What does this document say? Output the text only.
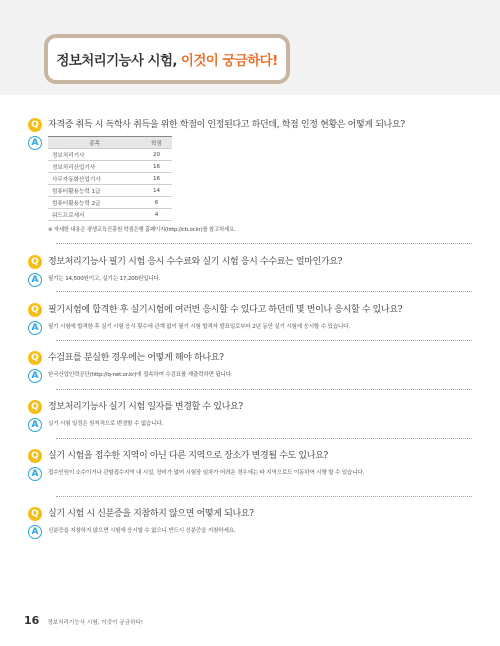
정보처리기능사 시험, 이것이 궁금하다!
Q	자격증 취득 시 독학사 취득을 위한 학점이 인정된다고 하던데, 학점 인정 현황은 어떻게 되나요?
A	종목	학점
정보처리기사	20
정보처리산업기사	16
사무자동화산업기사	16
컴퓨터활용능력 1급	14
컴퓨터활용능력 2급	6
워드프로세서	4
※ 자세한 내용은 평생교육진흥원 학점은행 홈페이지(http://cb.or.kr)를 참고하세요.
Q	정보처리기능사 필기 시험 응시 수수료와 실기 시험 응시 수수료는 얼마인가요?
A	필기는 14,500원이고, 실기는 17,200원입니다.
Q	필기시험에 합격한 후 실기시험에 여러번 응시할 수 있다고 하던데 몇 번이나 응시할 수 있나요?
A	필기 시험에 합격한 후 실기 시험 응시 횟수에 관계 없이 필기 시험 합격자 발표일로부터 2년 동안 실기 시험에 응시할 수 있습니다.
Q	수검표를 분실한 경우에는 어떻게 해야 하나요?
A	한국산업인력공단(http://q-net.or.kr)에 접속하여 수검표를 재출력하면 됩니다.
Q	정보처리기능사 실기 시험 일자를 변경할 수 있나요?
A	실기 시험 일정은 원칙적으로 변경할 수 없습니다.
Q	실기 시험을 접수한 지역이 아닌 다른 지역으로 장소가 변경될 수도 있나요?
A	접수인원이 소수이거나 관할접수지역 내 시설, 장비가 없어 시험장 임차가 어려운 경우에는 타 지역으로도 이동하여 시행 할 수 있습니다.
Q	실기 시험 시 신분증을 지참하지 않으면 어떻게 되나요?
A	신분증을 지참하지 않으면 시험에 응시할 수 없으니 반드시 신분증을 지참하세요.
16 정보처리기능사 시험, 이것이 궁금하다!
